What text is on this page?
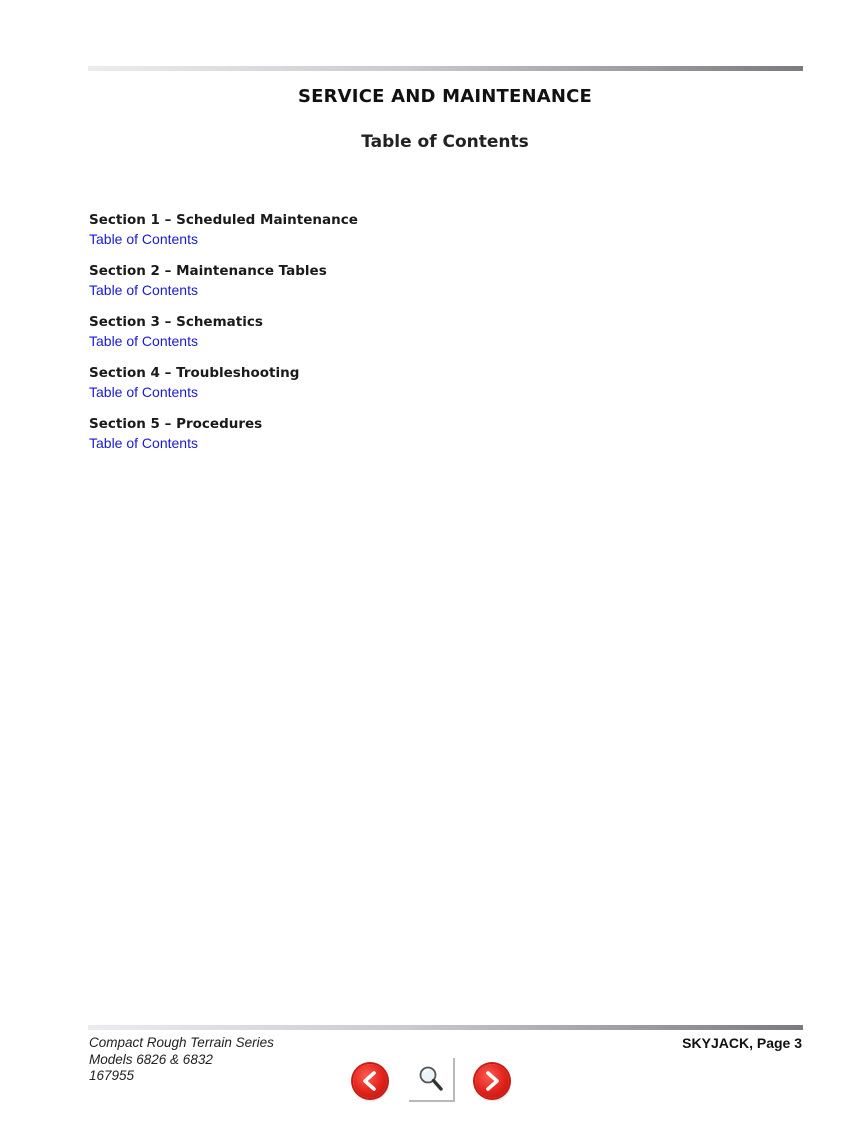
SERVICE AND MAINTENANCE
Table of Contents
Section 1 – Scheduled Maintenance
Table of Contents
Section 2 – Maintenance Tables
Table of Contents
Section 3 – Schematics
Table of Contents
Section 4 – Troubleshooting
Table of Contents
Section 5 – Procedures
Table of Contents
Compact Rough Terrain Series
Models 6826 & 6832
167955
SKYJACK, Page 3
